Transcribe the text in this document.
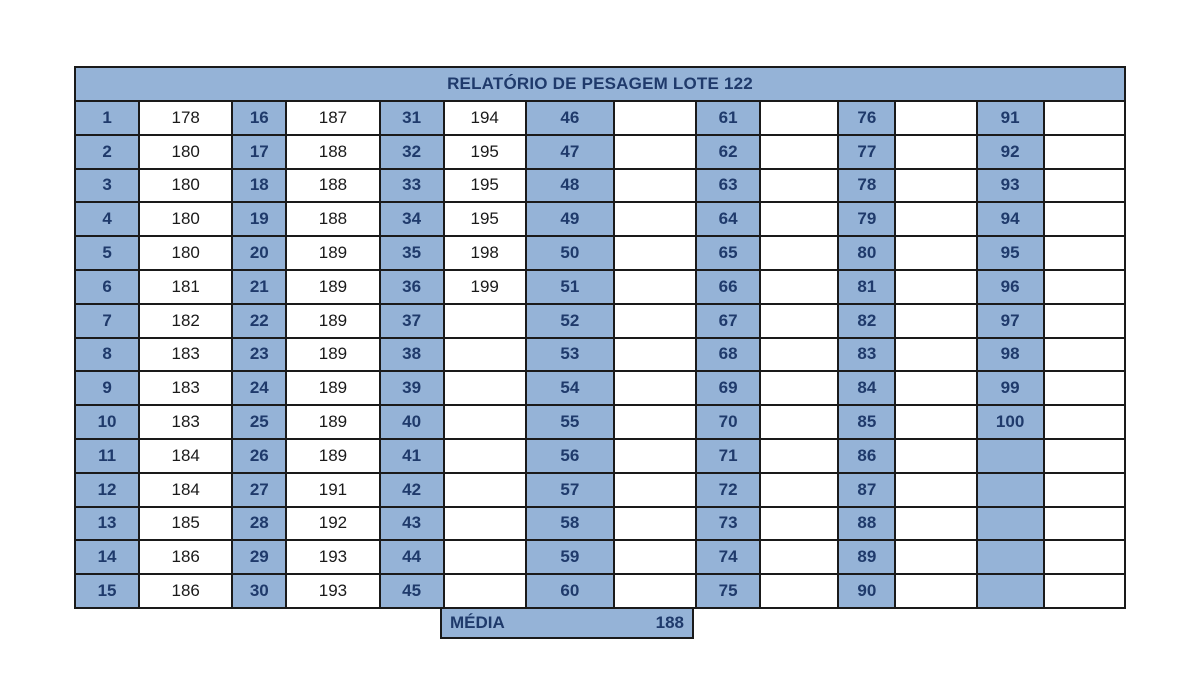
RELATÓRIO DE PESAGEM LOTE 122													
1	178	16	187	31	194	46		61		76		91	
2	180	17	188	32	195	47		62		77		92	
3	180	18	188	33	195	48		63		78		93	
4	180	19	188	34	195	49		64		79		94	
5	180	20	189	35	198	50		65		80		95	
6	181	21	189	36	199	51		66		81		96	
7	182	22	189	37		52		67		82		97	
8	183	23	189	38		53		68		83		98	
9	183	24	189	39		54		69		84		99	
10	183	25	189	40		55		70		85		100	
11	184	26	189	41		56		71		86			
12	184	27	191	42		57		72		87			
13	185	28	192	43		58		73		88			
14	186	29	193	44		59		74		89			
15	186	30	193	45		60		75		90			
MÉDIA	188
